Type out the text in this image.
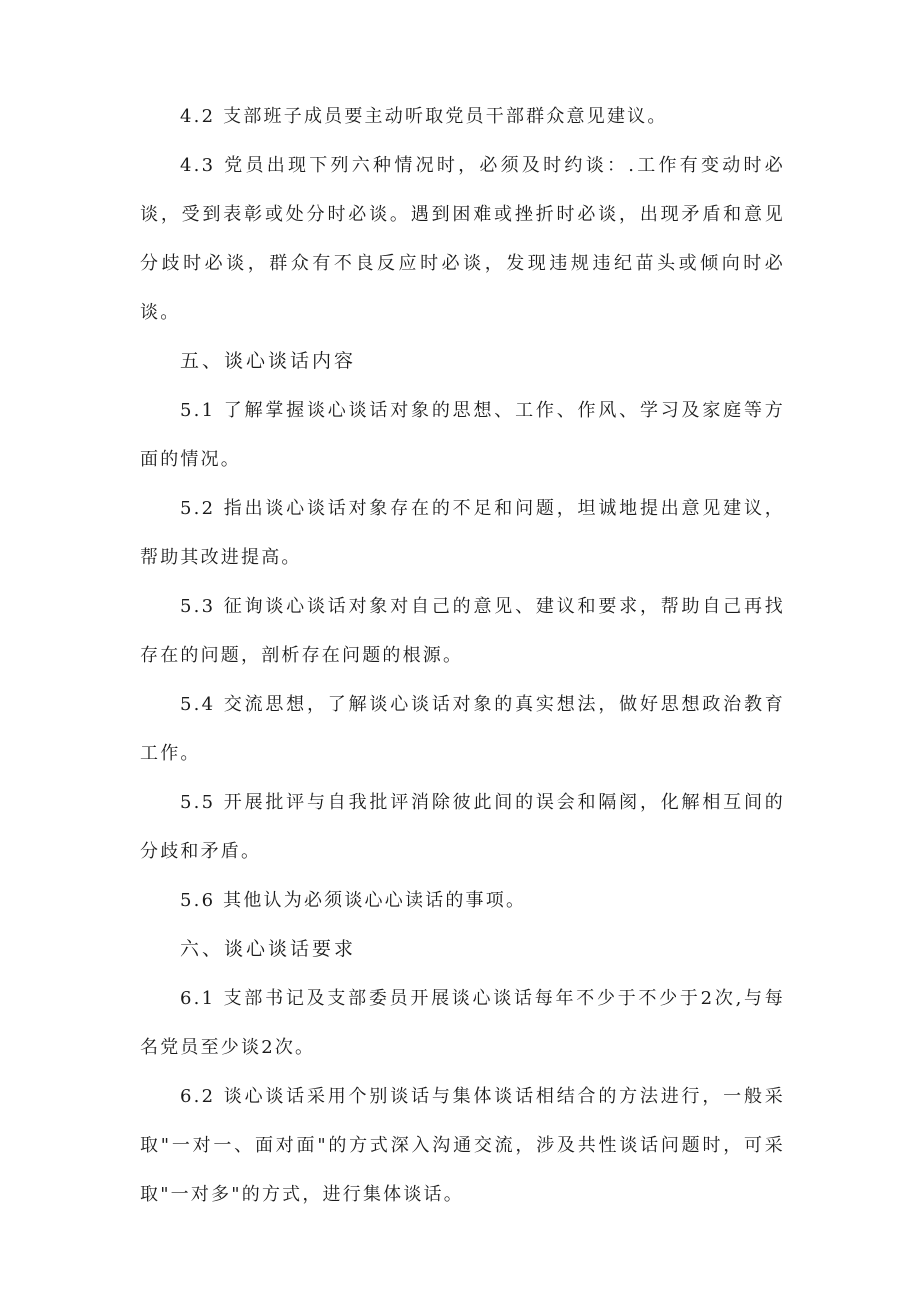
4.2 支部班子成员要主动听取党员干部群众意见建议。

4.3 党员出现下列六种情况时，必须及时约谈：.工作有变动时必谈，受到表彰或处分时必谈。遇到困难或挫折时必谈，出现矛盾和意见分歧时必谈，群众有不良反应时必谈，发现违规违纪苗头或倾向时必谈。

五、谈心谈话内容

5.1 了解掌握谈心谈话对象的思想、工作、作风、学习及家庭等方面的情况。

5.2 指出谈心谈话对象存在的不足和问题，坦诚地提出意见建议，帮助其改进提高。

5.3 征询谈心谈话对象对自己的意见、建议和要求，帮助自己再找存在的问题，剖析存在问题的根源。

5.4 交流思想，了解谈心谈话对象的真实想法，做好思想政治教育工作。

5.5 开展批评与自我批评消除彼此间的误会和隔阂，化解相互间的分歧和矛盾。

5.6 其他认为必须谈心心读话的事项。

六、谈心谈话要求

6.1 支部书记及支部委员开展谈心谈话每年不少于不少于2次,与每名党员至少谈2次。

6.2 谈心谈话采用个别谈话与集体谈话相结合的方法进行，一般采取"一对一、面对面"的方式深入沟通交流，涉及共性谈话问题时，可采取"一对多"的方式，进行集体谈话。
